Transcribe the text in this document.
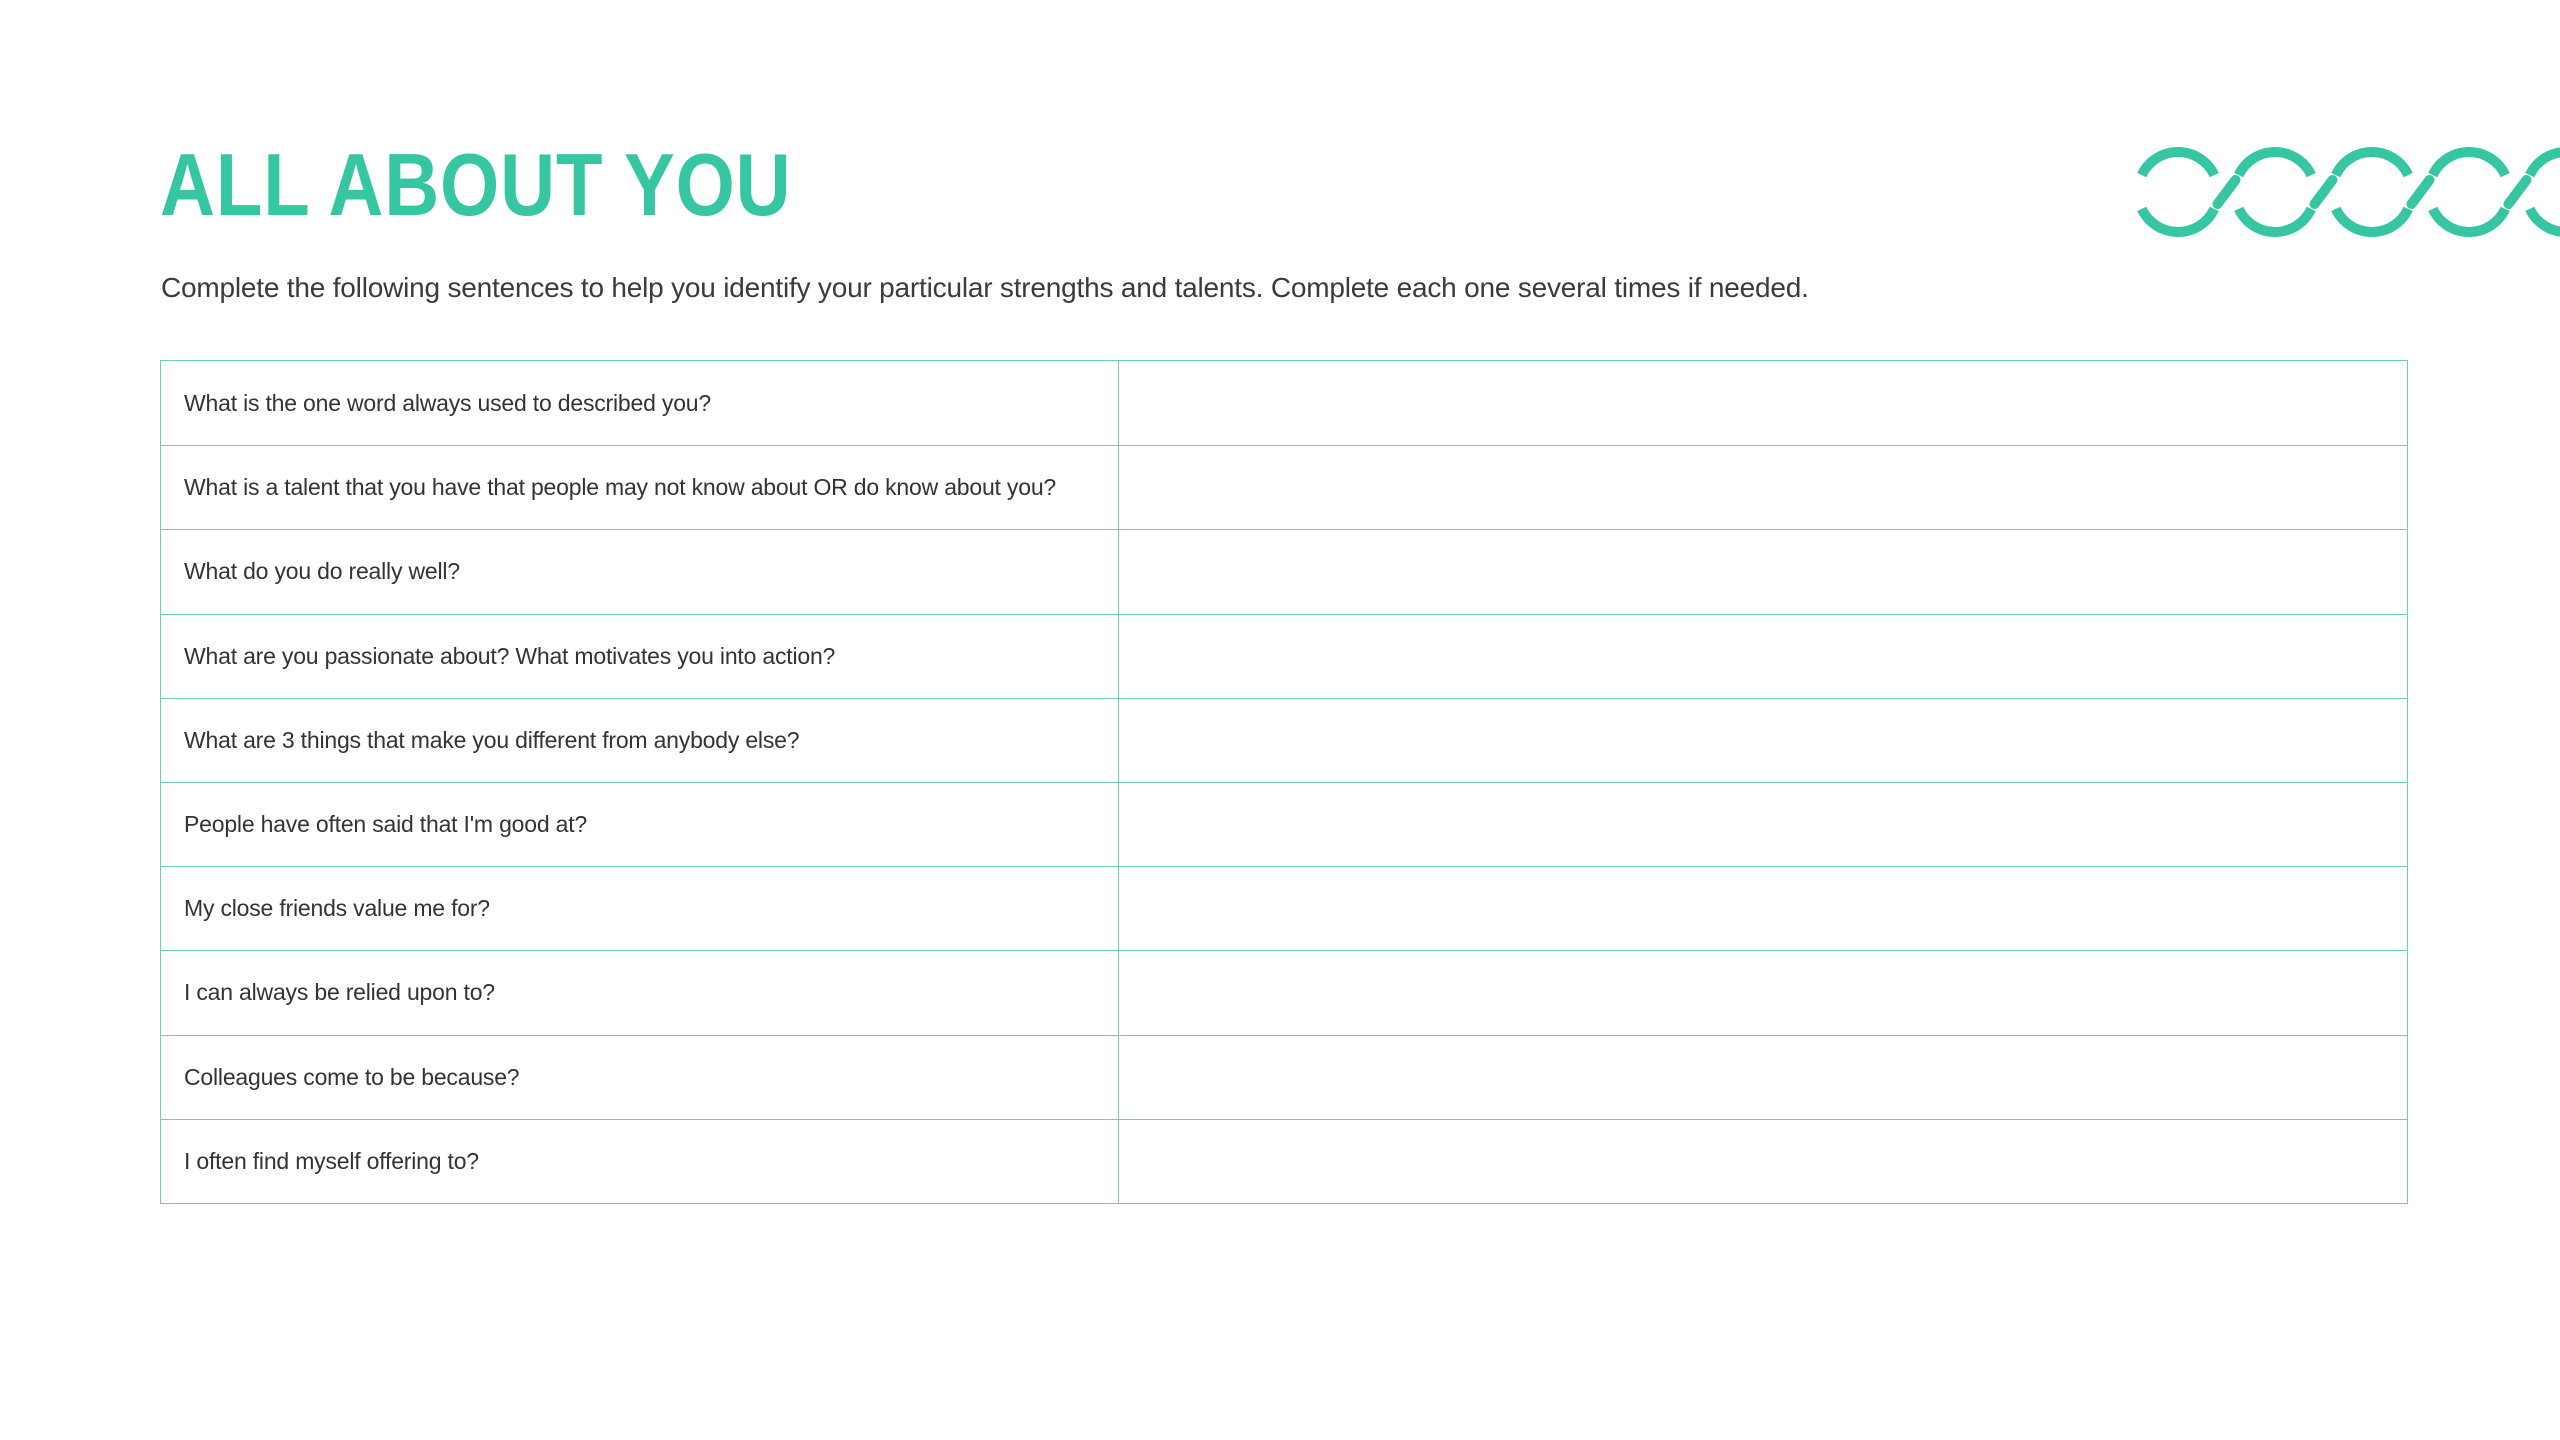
ALL ABOUT YOU

Complete the following sentences to help you identify your particular strengths and talents. Complete each one several times if needed.

What is the one word always used to described you?
What is a talent that you have that people may not know about OR do know about you?
What do you do really well?
What are you passionate about? What motivates you into action?
What are 3 things that make you different from anybody else?
People have often said that I'm good at?
My close friends value me for?
I can always be relied upon to?
Colleagues come to be because?
I often find myself offering to?
